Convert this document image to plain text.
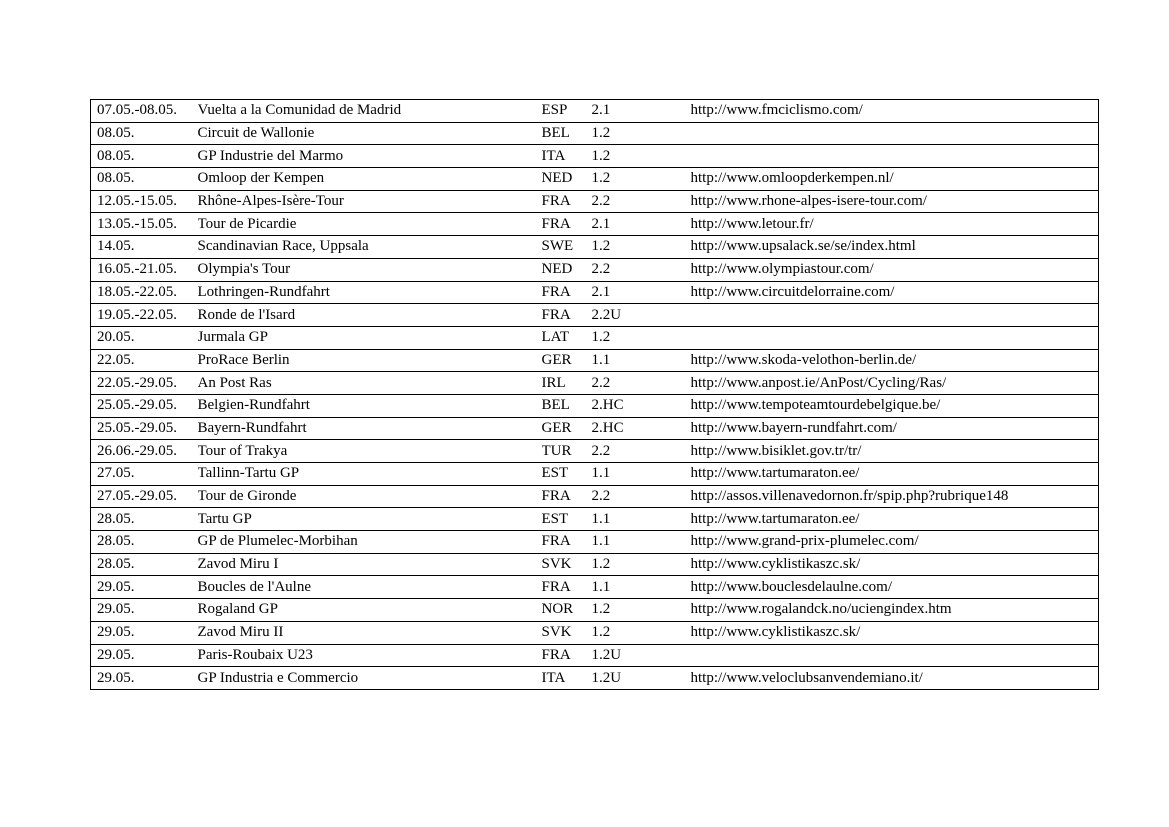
07.05.-08.05.	Vuelta a la Comunidad de Madrid	ESP	2.1	http://www.fmciclismo.com/
08.05.	Circuit de Wallonie	BEL	1.2	
08.05.	GP Industrie del Marmo	ITA	1.2	
08.05.	Omloop der Kempen	NED	1.2	http://www.omloopderkempen.nl/
12.05.-15.05.	Rhône-Alpes-Isère-Tour	FRA	2.2	http://www.rhone-alpes-isere-tour.com/
13.05.-15.05.	Tour de Picardie	FRA	2.1	http://www.letour.fr/
14.05.	Scandinavian Race, Uppsala	SWE	1.2	http://www.upsalack.se/se/index.html
16.05.-21.05.	Olympia's Tour	NED	2.2	http://www.olympiastour.com/
18.05.-22.05.	Lothringen-Rundfahrt	FRA	2.1	http://www.circuitdelorraine.com/
19.05.-22.05.	Ronde de l'Isard	FRA	2.2U	
20.05.	Jurmala GP	LAT	1.2	
22.05.	ProRace Berlin	GER	1.1	http://www.skoda-velothon-berlin.de/
22.05.-29.05.	An Post Ras	IRL	2.2	http://www.anpost.ie/AnPost/Cycling/Ras/
25.05.-29.05.	Belgien-Rundfahrt	BEL	2.HC	http://www.tempoteamtourdebelgique.be/
25.05.-29.05.	Bayern-Rundfahrt	GER	2.HC	http://www.bayern-rundfahrt.com/
26.06.-29.05.	Tour of Trakya	TUR	2.2	http://www.bisiklet.gov.tr/tr/
27.05.	Tallinn-Tartu GP	EST	1.1	http://www.tartumaraton.ee/
27.05.-29.05.	Tour de Gironde	FRA	2.2	http://assos.villenavedornon.fr/spip.php?rubrique148
28.05.	Tartu GP	EST	1.1	http://www.tartumaraton.ee/
28.05.	GP de Plumelec-Morbihan	FRA	1.1	http://www.grand-prix-plumelec.com/
28.05.	Zavod Miru I	SVK	1.2	http://www.cyklistikaszc.sk/
29.05.	Boucles de l'Aulne	FRA	1.1	http://www.bouclesdelaulne.com/
29.05.	Rogaland GP	NOR	1.2	http://www.rogalandck.no/uciengindex.htm
29.05.	Zavod Miru II	SVK	1.2	http://www.cyklistikaszc.sk/
29.05.	Paris-Roubaix U23	FRA	1.2U	
29.05.	GP Industria e Commercio	ITA	1.2U	http://www.veloclubsanvendemiano.it/
